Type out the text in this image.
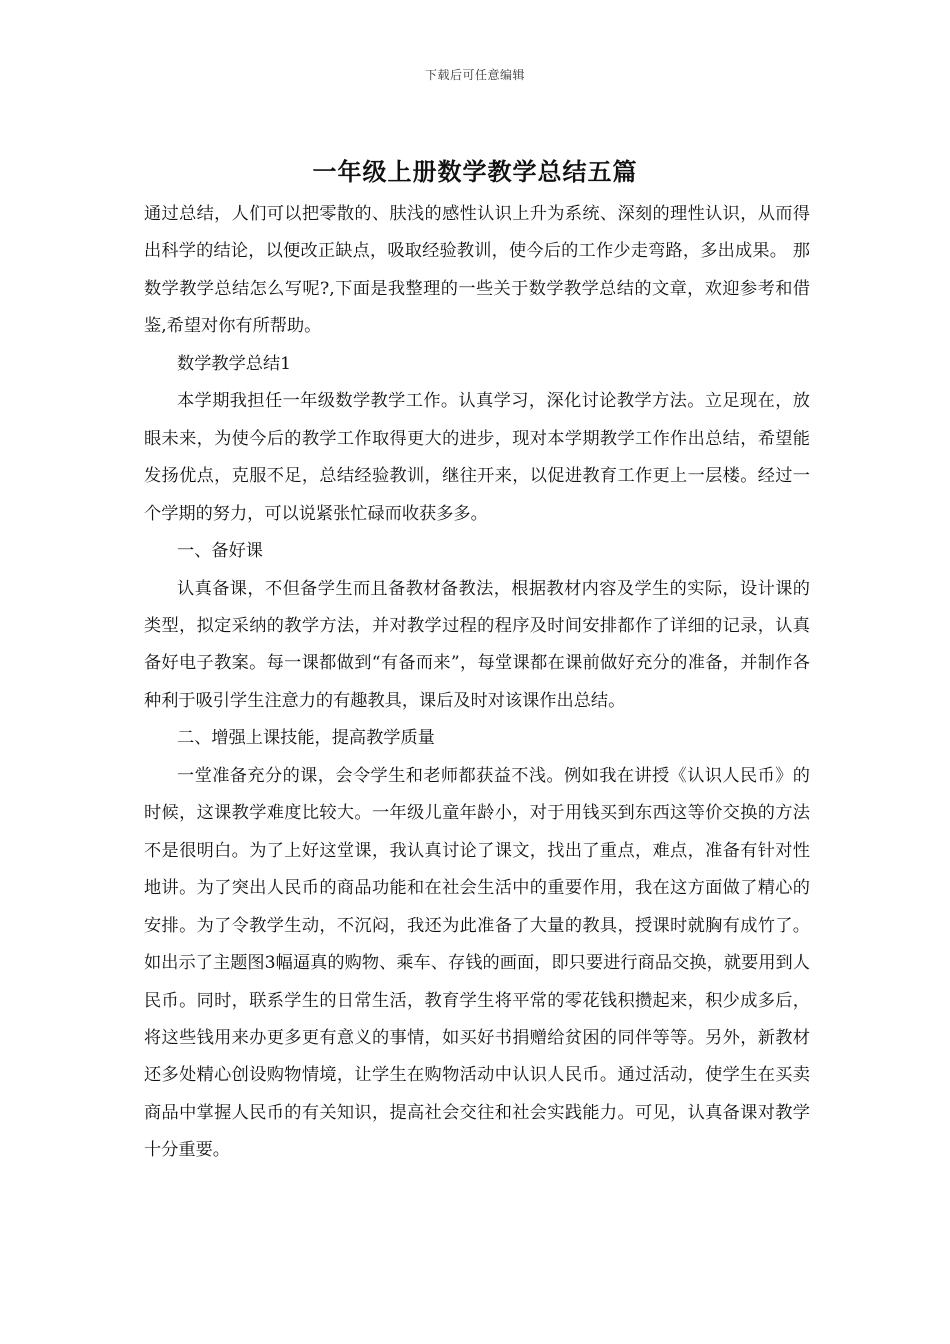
下载后可任意编辑
一年级上册数学教学总结五篇

通过总结，人们可以把零散的、肤浅的感性认识上升为系统、深刻的理性认识，从而得出科学的结论，以便改正缺点，吸取经验教训，使今后的工作少走弯路，多出成果。 那数学教学总结怎么写呢?,下面是我整理的一些关于数学教学总结的文章，欢迎参考和借鉴,希望对你有所帮助。

数学教学总结1

本学期我担任一年级数学教学工作。认真学习，深化讨论教学方法。立足现在，放眼未来，为使今后的教学工作取得更大的进步，现对本学期教学工作作出总结，希望能发扬优点，克服不足，总结经验教训，继往开来，以促进教育工作更上一层楼。经过一个学期的努力，可以说紧张忙碌而收获多多。

一、备好课

认真备课，不但备学生而且备教材备教法，根据教材内容及学生的实际，设计课的类型，拟定采纳的教学方法，并对教学过程的程序及时间安排都作了详细的记录，认真备好电子教案。每一课都做到“有备而来”，每堂课都在课前做好充分的准备，并制作各种利于吸引学生注意力的有趣教具，课后及时对该课作出总结。

二、增强上课技能，提高教学质量

一堂准备充分的课，会令学生和老师都获益不浅。例如我在讲授《认识人民币》的时候，这课教学难度比较大。一年级儿童年龄小，对于用钱买到东西这等价交换的方法不是很明白。为了上好这堂课，我认真讨论了课文，找出了重点，难点，准备有针对性地讲。为了突出人民币的商品功能和在社会生活中的重要作用，我在这方面做了精心的安排。为了令教学生动，不沉闷，我还为此准备了大量的教具，授课时就胸有成竹了。如出示了主题图3幅逼真的购物、乘车、存钱的画面，即只要进行商品交换，就要用到人民币。同时，联系学生的日常生活，教育学生将平常的零花钱积攒起来，积少成多后，将这些钱用来办更多更有意义的事情，如买好书捐赠给贫困的同伴等等。另外，新教材还多处精心创设购物情境，让学生在购物活动中认识人民币。通过活动，使学生在买卖商品中掌握人民币的有关知识，提高社会交往和社会实践能力。可见，认真备课对教学十分重要。
